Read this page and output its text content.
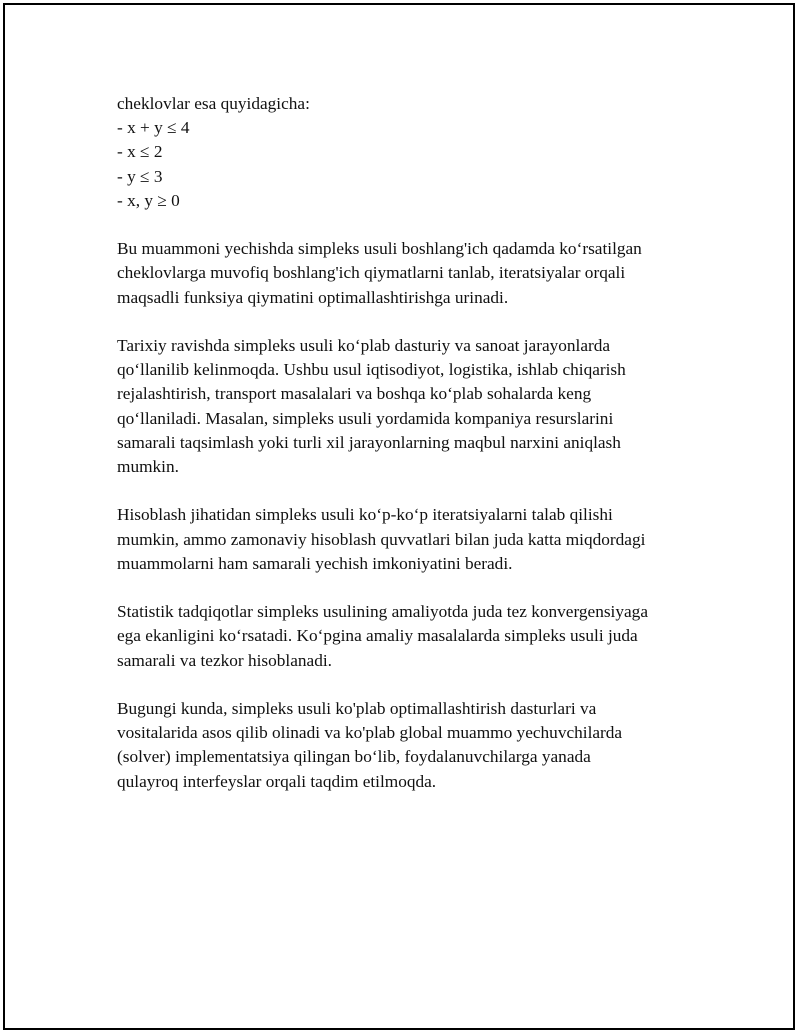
cheklovlar esa quyidagicha:
- x + y ≤ 4
- x ≤ 2
- y ≤ 3
- x, y ≥ 0
Bu muammoni yechishda simpleks usuli boshlang'ich qadamda ko‘rsatilgan
cheklovlarga muvofiq boshlang'ich qiymatlarni tanlab, iteratsiyalar orqali
maqsadli funksiya qiymatini optimallashtirishga urinadi.
Tarixiy ravishda simpleks usuli ko‘plab dasturiy va sanoat jarayonlarda
qo‘llanilib kelinmoqda. Ushbu usul iqtisodiyot, logistika, ishlab chiqarish
rejalashtirish, transport masalalari va boshqa ko‘plab sohalarda keng
qo‘llaniladi. Masalan, simpleks usuli yordamida kompaniya resurslarini
samarali taqsimlash yoki turli xil jarayonlarning maqbul narxini aniqlash
mumkin.
Hisoblash jihatidan simpleks usuli ko‘p-ko‘p iteratsiyalarni talab qilishi
mumkin, ammo zamonaviy hisoblash quvvatlari bilan juda katta miqdordagi
muammolarni ham samarali yechish imkoniyatini beradi.
Statistik tadqiqotlar simpleks usulining amaliyotda juda tez konvergensiyaga
ega ekanligini ko‘rsatadi. Ko‘pgina amaliy masalalarda simpleks usuli juda
samarali va tezkor hisoblanadi.
Bugungi kunda, simpleks usuli ko'plab optimallashtirish dasturlari va
vositalarida asos qilib olinadi va ko'plab global muammo yechuvchilarda
(solver) implementatsiya qilingan bo‘lib, foydalanuvchilarga yanada
qulayroq interfeyslar orqali taqdim etilmoqda.
